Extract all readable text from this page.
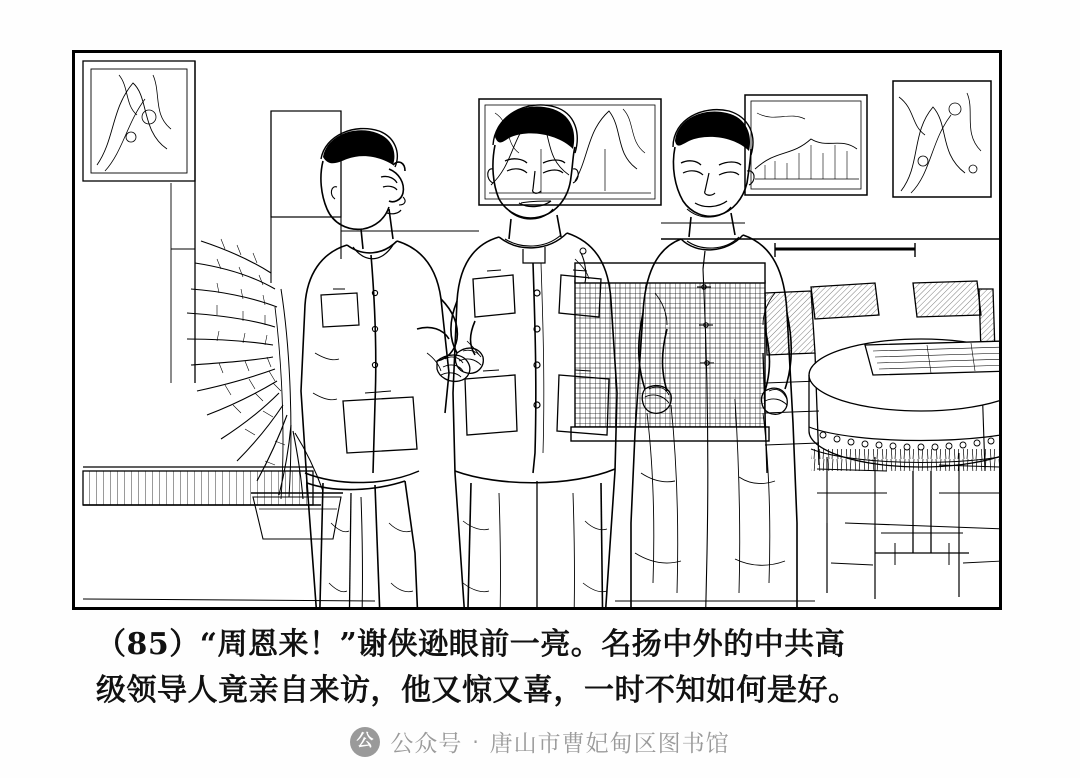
（85）“周恩来！”谢侠逊眼前一亮。名扬中外的中共高
级领导人竟亲自来访，他又惊又喜，一时不知如何是好。
公 公众号 · 唐山市曹妃甸区图书馆
